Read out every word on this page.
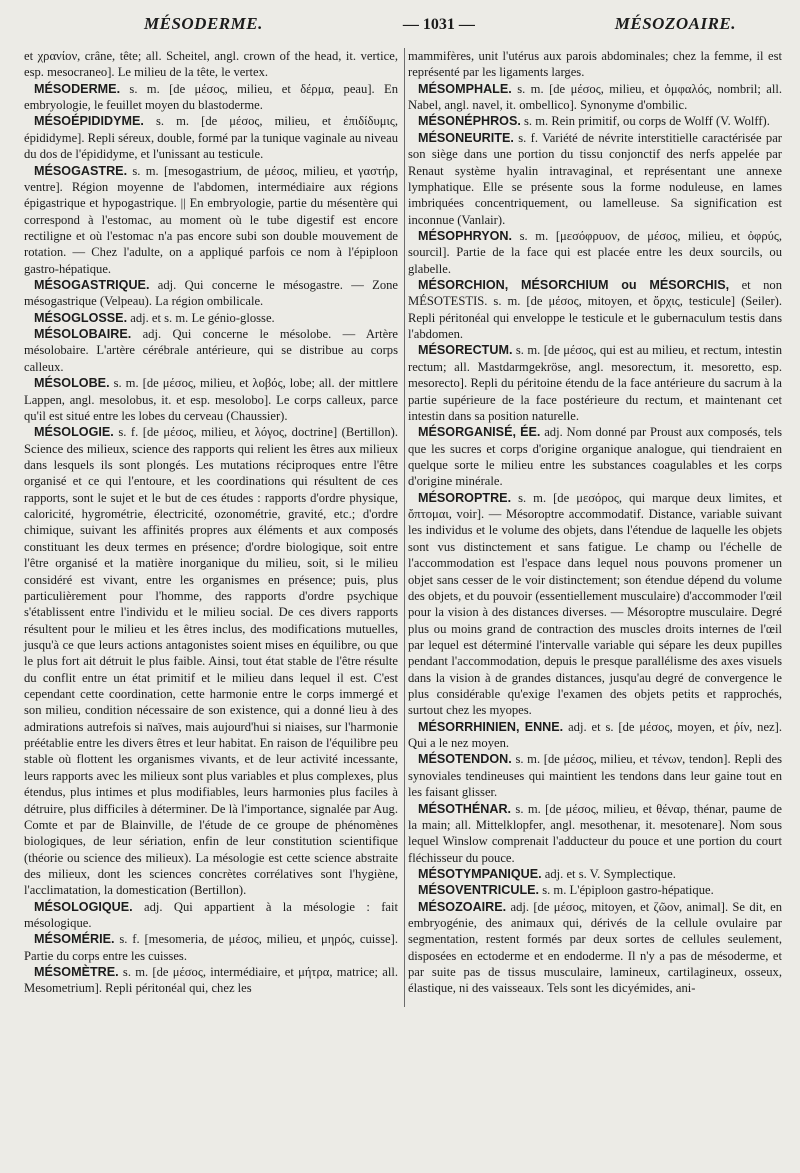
MÉSODERME.	— 1031 —	MÉSOZOAIRE.

et χρανίον, crâne, tête; all. Scheitel, angl. crown of the head, it. vertice, esp. mesocraneo]. Le milieu de la tête, le vertex.

MÉSODERME. s. m. [de μέσος, milieu, et δέρμα, peau]. En embryologie, le feuillet moyen du blastoderme.

MÉSOÉPIDIDYME. s. m. [de μέσος, milieu, et ἐπιδίδυμις, épididyme]. Repli séreux, double, formé par la tunique vaginale au niveau du dos de l'épididyme, et l'unissant au testicule.

MÉSOGASTRE. s. m. [mesogastrium, de μέσος, milieu, et γαστήρ, ventre]. Région moyenne de l'abdomen, intermédiaire aux régions épigastrique et hypogastrique. || En embryologie, partie du mésentère qui correspond à l'estomac, au moment où le tube digestif est encore rectiligne et où l'estomac n'a pas encore subi son double mouvement de rotation. — Chez l'adulte, on a appliqué parfois ce nom à l'épiploon gastro-hépatique.

MÉSOGASTRIQUE. adj. Qui concerne le mésogastre. — Zone mésogastrique (Velpeau). La région ombilicale.

MÉSOGLOSSE. adj. et s. m. Le génio-glosse.

MÉSOLOBAIRE. adj. Qui concerne le mésolobe. — Artère mésolobaire. L'artère cérébrale antérieure, qui se distribue au corps calleux.

MÉSOLOBE. s. m. [de μέσος, milieu, et λοβός, lobe; all. der mittlere Lappen, angl. mesolobus, it. et esp. mesolobo]. Le corps calleux, parce qu'il est situé entre les lobes du cerveau (Chaussier).

MÉSOLOGIE. s. f. [de μέσος, milieu, et λόγος, doctrine] (Bertillon). Science des milieux, science des rapports qui relient les êtres aux milieux dans lesquels ils sont plongés. Les mutations réciproques entre l'être organisé et ce qui l'entoure, et les coordinations qui résultent de ces rapports, sont le sujet et le but de ces études : rapports d'ordre physique, caloricité, hygrométrie, électricité, ozonométrie, gravité, etc.; d'ordre chimique, suivant les affinités propres aux éléments et aux composés constituant les deux termes en présence; d'ordre biologique, soit entre l'être organisé et la matière inorganique du milieu, soit, si le milieu considéré est vivant, entre les organismes en présence; puis, plus particulièrement pour l'homme, des rapports d'ordre psychique s'établissent entre l'individu et le milieu social. De ces divers rapports résultent pour le milieu et les êtres inclus, des modifications mutuelles, jusqu'à ce que leurs actions antagonistes soient mises en équilibre, ou que le plus fort ait détruit le plus faible. Ainsi, tout état stable de l'être résulte du conflit entre un état primitif et le milieu dans lequel il est. C'est cependant cette coordination, cette harmonie entre le corps immergé et son milieu, condition nécessaire de son existence, qui a donné lieu à des admirations autrefois si naïves, mais aujourd'hui si niaises, sur l'harmonie préétablie entre les divers êtres et leur habitat. En raison de l'équilibre peu stable où flottent les organismes vivants, et de leur activité incessante, leurs rapports avec les milieux sont plus variables et plus complexes, plus étendus, plus intimes et plus modifiables, leurs harmonies plus faciles à détruire, plus difficiles à déterminer. De là l'importance, signalée par Aug. Comte et par de Blainville, de l'étude de ce groupe de phénomènes biologiques, de leur sériation, enfin de leur constitution scientifique (théorie ou science des milieux). La mésologie est cette science abstraite des milieux, dont les sciences concrètes corrélatives sont l'hygiène, l'acclimatation, la domestication (Bertillon).

MÉSOLOGIQUE. adj. Qui appartient à la mésologie : fait mésologique.

MÉSOMÉRIE. s. f. [mesomeria, de μέσος, milieu, et μηρός, cuisse]. Partie du corps entre les cuisses.

MÉSOMÈTRE. s. m. [de μέσος, intermédiaire, et μήτρα, matrice; all. Mesometrium]. Repli péritonéal qui, chez les

mammifères, unit l'utérus aux parois abdominales; chez la femme, il est représenté par les ligaments larges.

MÉSOMPHALE. s. m. [de μέσος, milieu, et ὀμφαλός, nombril; all. Nabel, angl. navel, it. ombellico]. Synonyme d'ombilic.

MÉSONÉPHROS. s. m. Rein primitif, ou corps de Wolff (V. Wolff).

MÉSONEURITE. s. f. Variété de névrite interstitielle caractérisée par son siège dans une portion du tissu conjonctif des nerfs appelée par Renaut système hyalin intravaginal, et représentant une annexe lymphatique. Elle se présente sous la forme noduleuse, en lames imbriquées concentriquement, ou lamelleuse. Sa signification est inconnue (Vanlair).

MÉSOPHRYON. s. m. [μεσόφρυον, de μέσος, milieu, et ὀφρύς, sourcil]. Partie de la face qui est placée entre les deux sourcils, ou glabelle.

MÉSORCHION, MÉSORCHIUM ou MÉSORCHIS, et non MÉSOTESTIS. s. m. [de μέσος, mitoyen, et ὄρχις, testicule] (Seiler). Repli péritonéal qui enveloppe le testicule et le gubernaculum testis dans l'abdomen.

MÉSORECTUM. s. m. [de μέσος, qui est au milieu, et rectum, intestin rectum; all. Mastdarmgekröse, angl. mesorectum, it. mesoretto, esp. mesorecto]. Repli du péritoine étendu de la face antérieure du sacrum à la partie supérieure de la face postérieure du rectum, et maintenant cet intestin dans sa position naturelle.

MÉSORGANISÉ, ÉE. adj. Nom donné par Proust aux composés, tels que les sucres et corps d'origine organique analogue, qui tiendraient en quelque sorte le milieu entre les substances coagulables et les corps d'origine minérale.

MÉSOROPTRE. s. m. [de μεσόρος, qui marque deux limites, et ὄπτομαι, voir]. — Mésoroptre accommodatif. Distance, variable suivant les individus et le volume des objets, dans l'étendue de laquelle les objets sont vus distinctement et sans fatigue. Le champ ou l'échelle de l'accommodation est l'espace dans lequel nous pouvons promener un objet sans cesser de le voir distinctement; son étendue dépend du volume des objets, et du pouvoir (essentiellement musculaire) d'accommoder l'œil pour la vision à des distances diverses. — Mésoroptre musculaire. Degré plus ou moins grand de contraction des muscles droits internes de l'œil par lequel est déterminé l'intervalle variable qui sépare les deux pupilles pendant l'accommodation, depuis le presque parallélisme des axes visuels dans la vision à de grandes distances, jusqu'au degré de convergence le plus considérable qu'exige l'examen des objets petits et rapprochés, surtout chez les myopes.

MÉSORRHINIEN, ENNE. adj. et s. [de μέσος, moyen, et ῥίν, nez]. Qui a le nez moyen.

MÉSOTENDON. s. m. [de μέσος, milieu, et τένων, tendon]. Repli des synoviales tendineuses qui maintient les tendons dans leur gaine tout en les faisant glisser.

MÉSOTHÉNAR. s. m. [de μέσος, milieu, et θέναρ, thénar, paume de la main; all. Mittelklopfer, angl. mesothenar, it. mesotenare]. Nom sous lequel Winslow comprenait l'adducteur du pouce et une portion du court fléchisseur du pouce.

MÉSOTYMPANIQUE. adj. et s. V. Symplectique.

MÉSOVENTRICULE. s. m. L'épiploon gastro-hépatique.

MÉSOZOAIRE. adj. [de μέσος, mitoyen, et ζῶον, animal]. Se dit, en embryogénie, des animaux qui, dérivés de la cellule ovulaire par segmentation, restent formés par deux sortes de cellules seulement, disposées en ectoderme et en endoderme. Il n'y a pas de mésoderme, et par suite pas de tissus musculaire, lamineux, cartilagineux, osseux, élastique, ni des vaisseaux. Tels sont les dicyémides, ani-
